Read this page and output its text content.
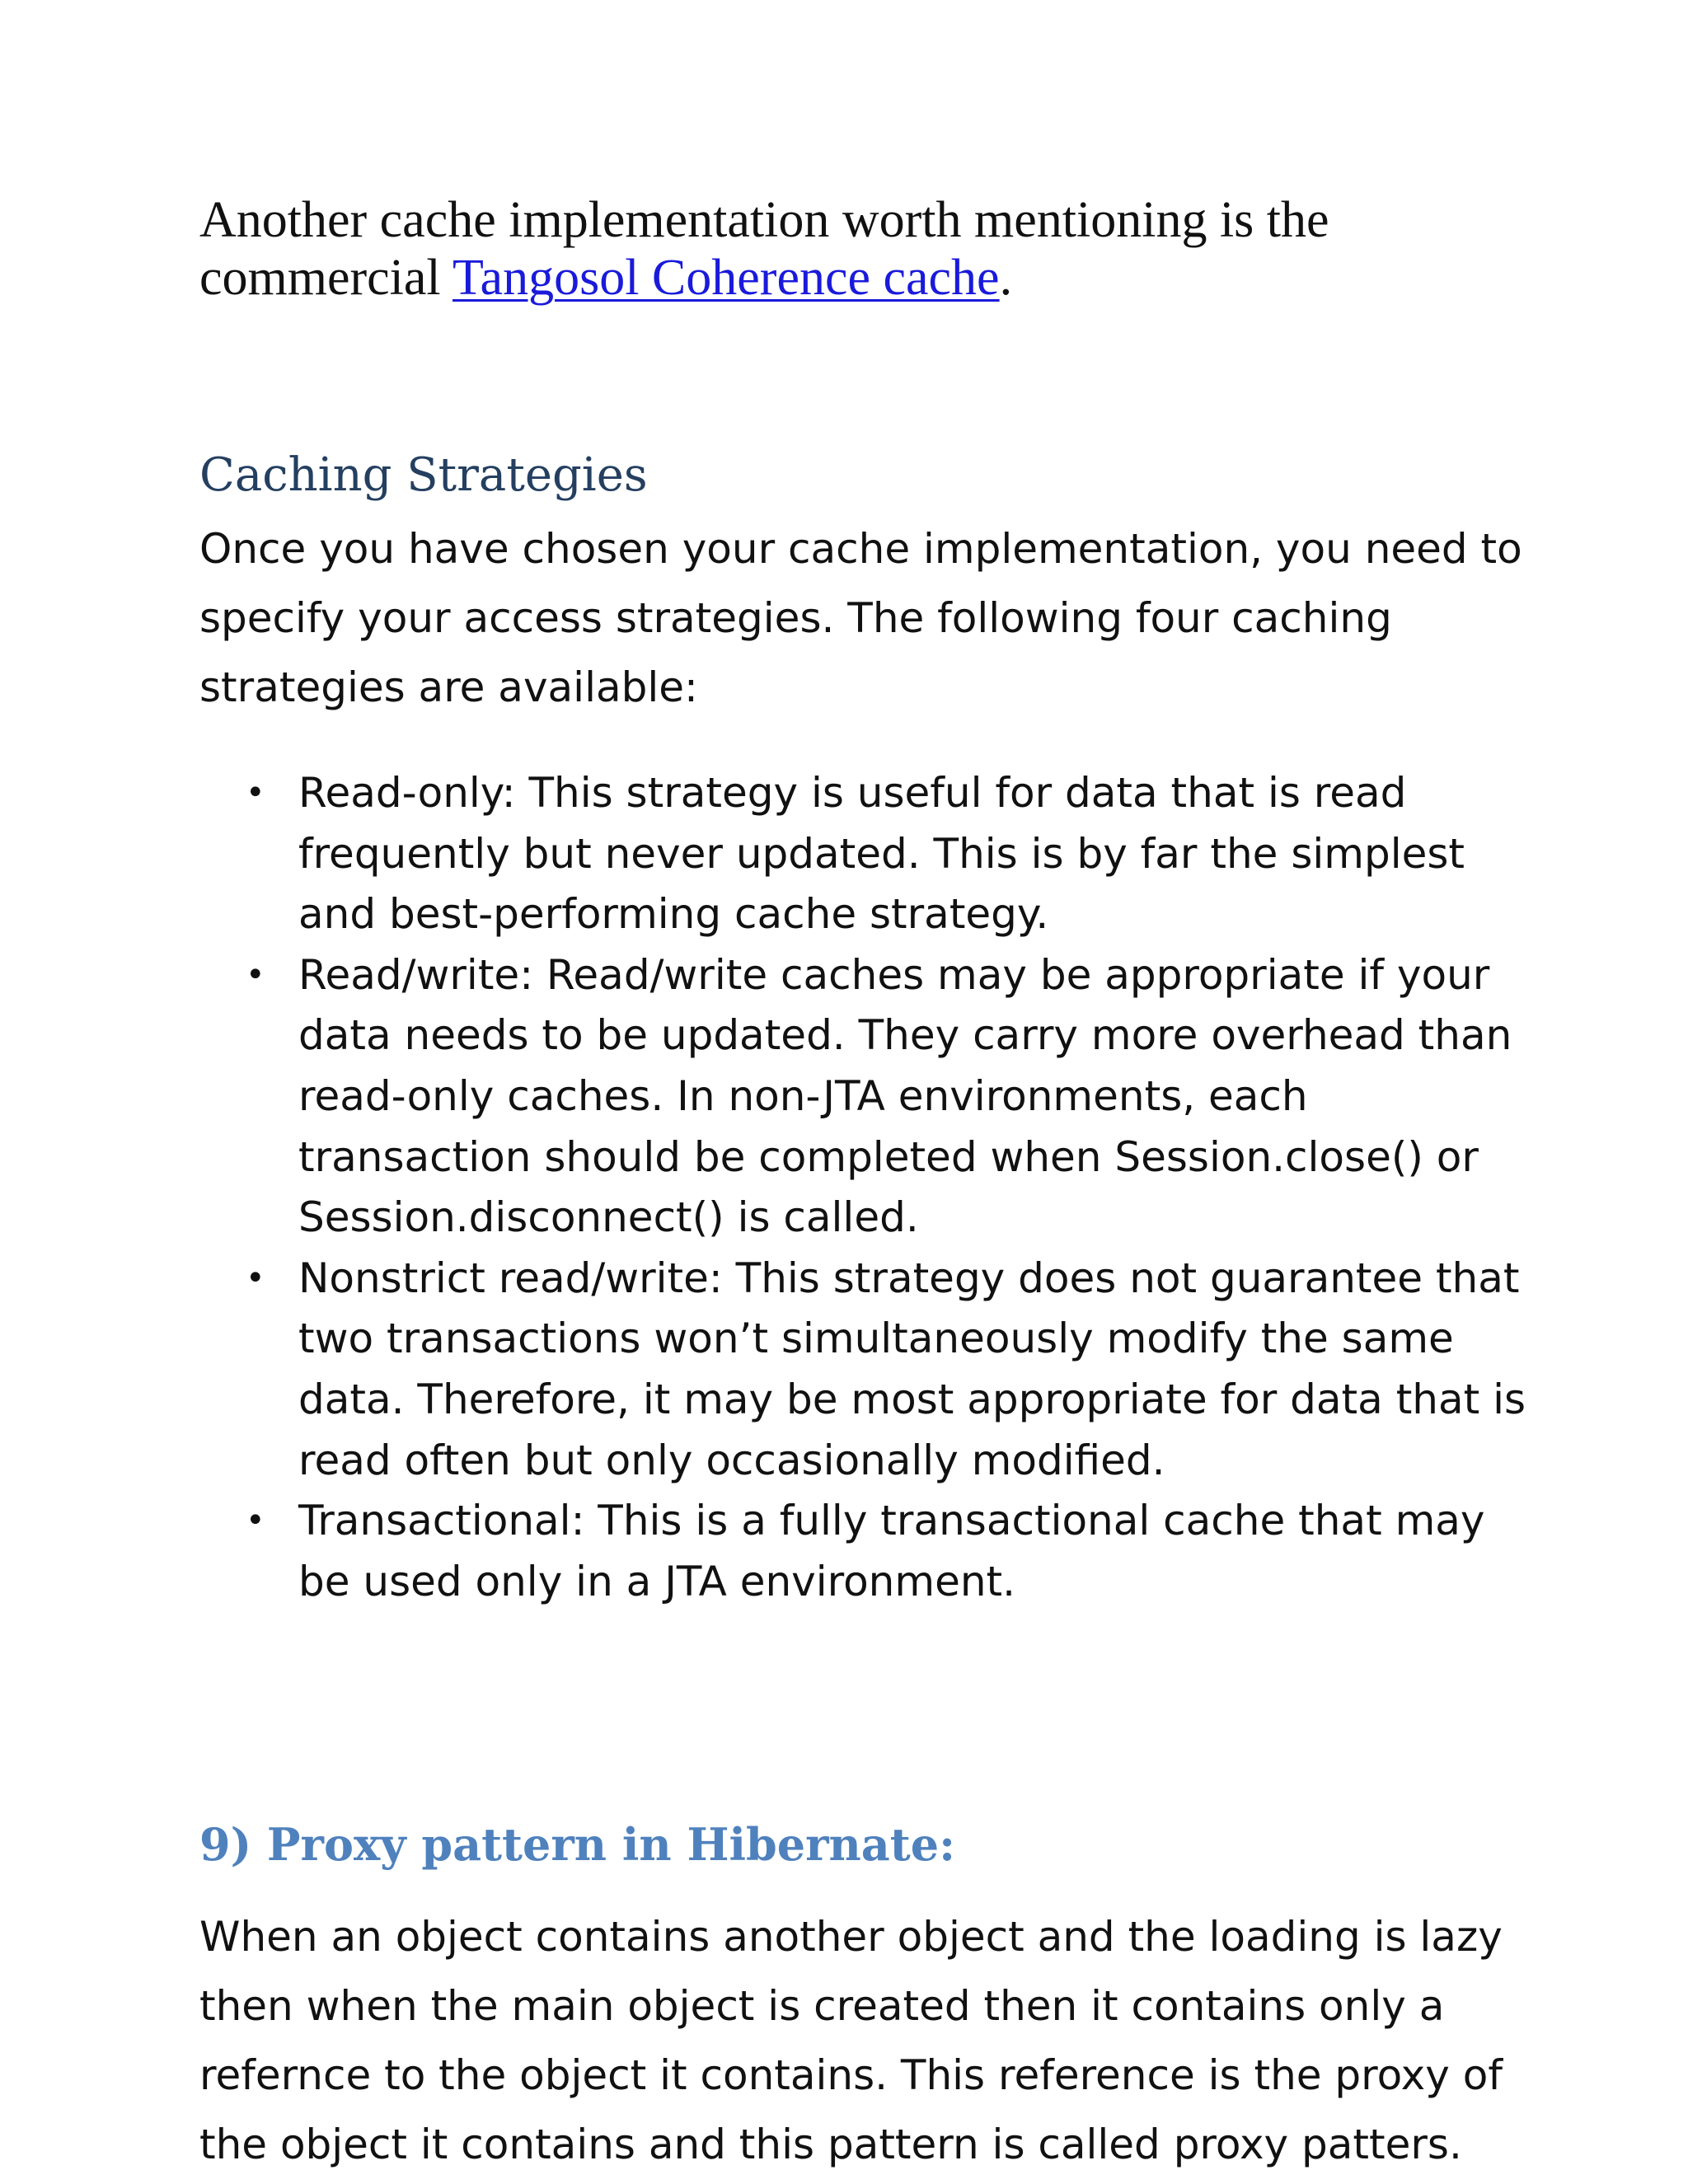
Another cache implementation worth mentioning is the commercial Tangosol Coherence cache.

Caching Strategies

Once you have chosen your cache implementation, you need to specify your access strategies. The following four caching strategies are available:

• Read-only: This strategy is useful for data that is read frequently but never updated. This is by far the simplest and best-performing cache strategy.
• Read/write: Read/write caches may be appropriate if your data needs to be updated. They carry more overhead than read-only caches. In non-JTA environments, each transaction should be completed when Session.close() or Session.disconnect() is called.
• Nonstrict read/write: This strategy does not guarantee that two transactions won’t simultaneously modify the same data. Therefore, it may be most appropriate for data that is read often but only occasionally modified.
• Transactional: This is a fully transactional cache that may be used only in a JTA environment.
9) Proxy pattern in Hibernate:

When an object contains another object and the loading is lazy then when the main object is created then it contains only a refernce to the object it contains. This reference is the proxy of the object it contains and this pattern is called proxy patters.
